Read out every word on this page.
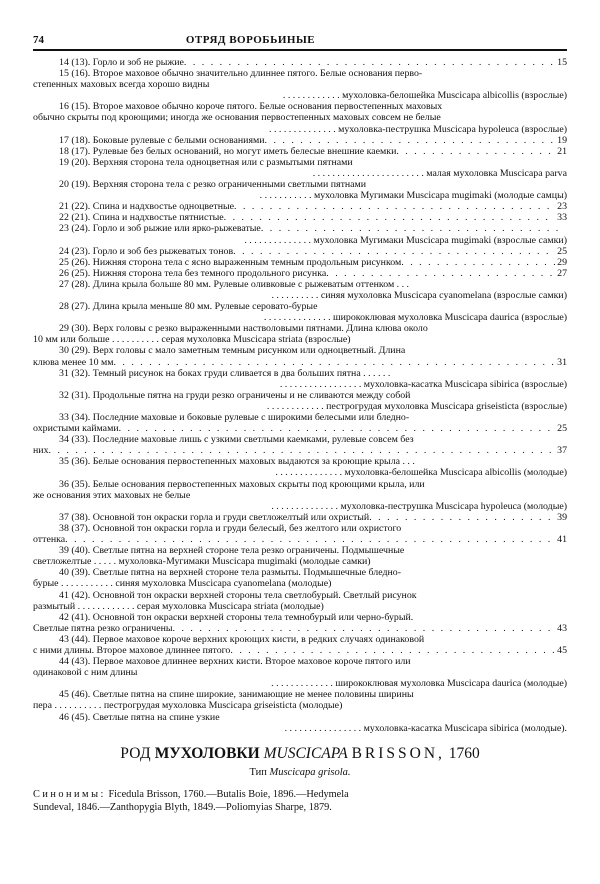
74	ОТРЯД ВОРОБЬИНЫЕ
14 (13). Горло и зоб не рыжие . . .	15
15 (16). Второе маховое обычно значительно длиннее пятого. Белые основания перво-
степенных маховых всегда хорошо видны
. . . . . . . . . . . . мухоловка-белошейка Muscicapa albicollis (взрослые)
16 (15). Второе маховое обычно короче пятого. Белые основания первостепенных маховых
обычно скрыты под кроющими; иногда же основания первостепенных маховых совсем не белые
. . . . . . . . . . . . . . мухоловка-пеструшка Muscicapa hypoleuca (взрослые)
17 (18). Боковые рулевые с белыми основаниями . . .	19
18 (17). Рулевые без белых оснований, но могут иметь белесые внешние каемки . . .	21
19 (20). Верхняя сторона тела одноцветная или с размытыми пятнами
. . . . . . . . . . . . . . . . . . . . . . . малая мухоловка Muscicapa parva
20 (19). Верхняя сторона тела с резко ограниченными светлыми пятнами
. . . . . . . . . . . мухоловка Мугимаки Muscicapa mugimaki (молодые самцы)
21 (22). Спина и надхвостье одноцветные . . .	23
22 (21). Спина и надхвостье пятнистые . . .	33
23 (24). Горло и зоб рыжие или ярко-рыжеватые
. . .
. . . . . . . . . . . . . . мухоловка Мугимаки Muscicapa mugimaki (взрослые самки)
24 (23). Горло и зоб без рыжеватых тонов . . .	25
25 (26). Нижняя сторона тела с ясно выраженным темным продольным рисунком . . .	29
26 (25). Нижняя сторона тела без темного продольного рисунка . . .	27
27 (28). Длина крыла больше 80 мм. Рулевые оливковые с рыжеватым оттенком . . .
. . . . . . . . . . синяя мухоловка Muscicapa cyanomelana (взрослые самки)
28 (27). Длина крыла меньше 80 мм. Рулевые серовато-бурые
. . . . . . . . . . . . . . ширококлювая мухоловка Muscicapa daurica (взрослые)
29 (30). Верх головы с резко выраженными настволовыми пятнами. Длина клюва около
10 мм или больше . . . . . . . . . . серая мухоловка Muscicapa striata (взрослые)
30 (29). Верх головы с мало заметным темным рисунком или одноцветный. Длина
клюва менее 10 мм . . .	31
31 (32). Темный рисунок на боках груди сливается в два больших пятна . . . . . .
. . . . . . . . . . . . . . . . . мухоловка-касатка Muscicapa sibirica (взрослые)
32 (31). Продольные пятна на груди резко ограничены и не сливаются между собой
. . . . . . . . . . . . пестрогрудая мухоловка Muscicapa griseisticta (взрослые)
33 (34). Последние маховые и боковые рулевые с широкими белесыми или бледно-
охристыми каймами . . .	25
34 (33). Последние маховые лишь с узкими светлыми каемками, рулевые совсем без
них . . .	37
35 (36). Белые основания первостепенных маховых выдаются за кроющие крыла . . .
. . . . . . . . . . . . . . мухоловка-белошейка Muscicapa albicollis (молодые)
36 (35). Белые основания первостепенных маховых скрыты под кроющими крыла, или
же основания этих маховых не белые
. . . . . . . . . . . . . . мухоловка-пеструшка Muscicapa hypoleuca (молодые)
37 (38). Основной тон окраски горла и груди светложелтый или охристый . . .	39
38 (37). Основной тон окраски горла и груди белесый, без желтого или охристого
оттенка . . .	41
39 (40). Светлые пятна на верхней стороне тела резко ограничены. Подмышечные
светложелтые . . . . . мухоловка-Мугимаки Muscicapa mugimaki (молодые самки)
40 (39). Светлые пятна на верхней стороне тела размыты. Подмышечные бледно-
бурые . . . . . . . . . . . синяя мухоловка Muscicapa cyanomelana (молодые)
41 (42). Основной тон окраски верхней стороны тела светлобурый. Светлый рисунок
размытый . . . . . . . . . . . . серая мухоловка Muscicapa striata (молодые)
42 (41). Основной тон окраски верхней стороны тела темнобурый или черно-бурый.
Светлые пятна резко ограничены . . .	43
43 (44). Первое маховое короче верхних кроющих кисти, в редких случаях одинаковой
с ними длины. Второе маховое длиннее пятого . . .	45
44 (43). Первое маховое длиннее верхних кисти. Второе маховое короче пятого или
одинаковой с ним длины
. . . . . . . . . . . . . ширококлювая мухоловка Muscicapa daurica (молодые)
45 (46). Светлые пятна на спине широкие, занимающие не менее половины ширины
пера . . . . . . . . . . пестрогрудая мухоловка Muscicapa griseisticta (молодые)
46 (45). Светлые пятна на спине узкие
. . . . . . . . . . . . . . . . мухоловка-касатка Muscicapa sibirica (молодые).
РОД МУХОЛОВКИ MUSCICAPA BRISSON, 1760
Тип Muscicapa grisola.
Синонимы: Ficedula Brisson, 1760.—Butalis Boie, 1896.—Hedymela
Sundeval, 1846.—Zanthopygia Blyth, 1849.—Poliomyias Sharpe, 1879.
